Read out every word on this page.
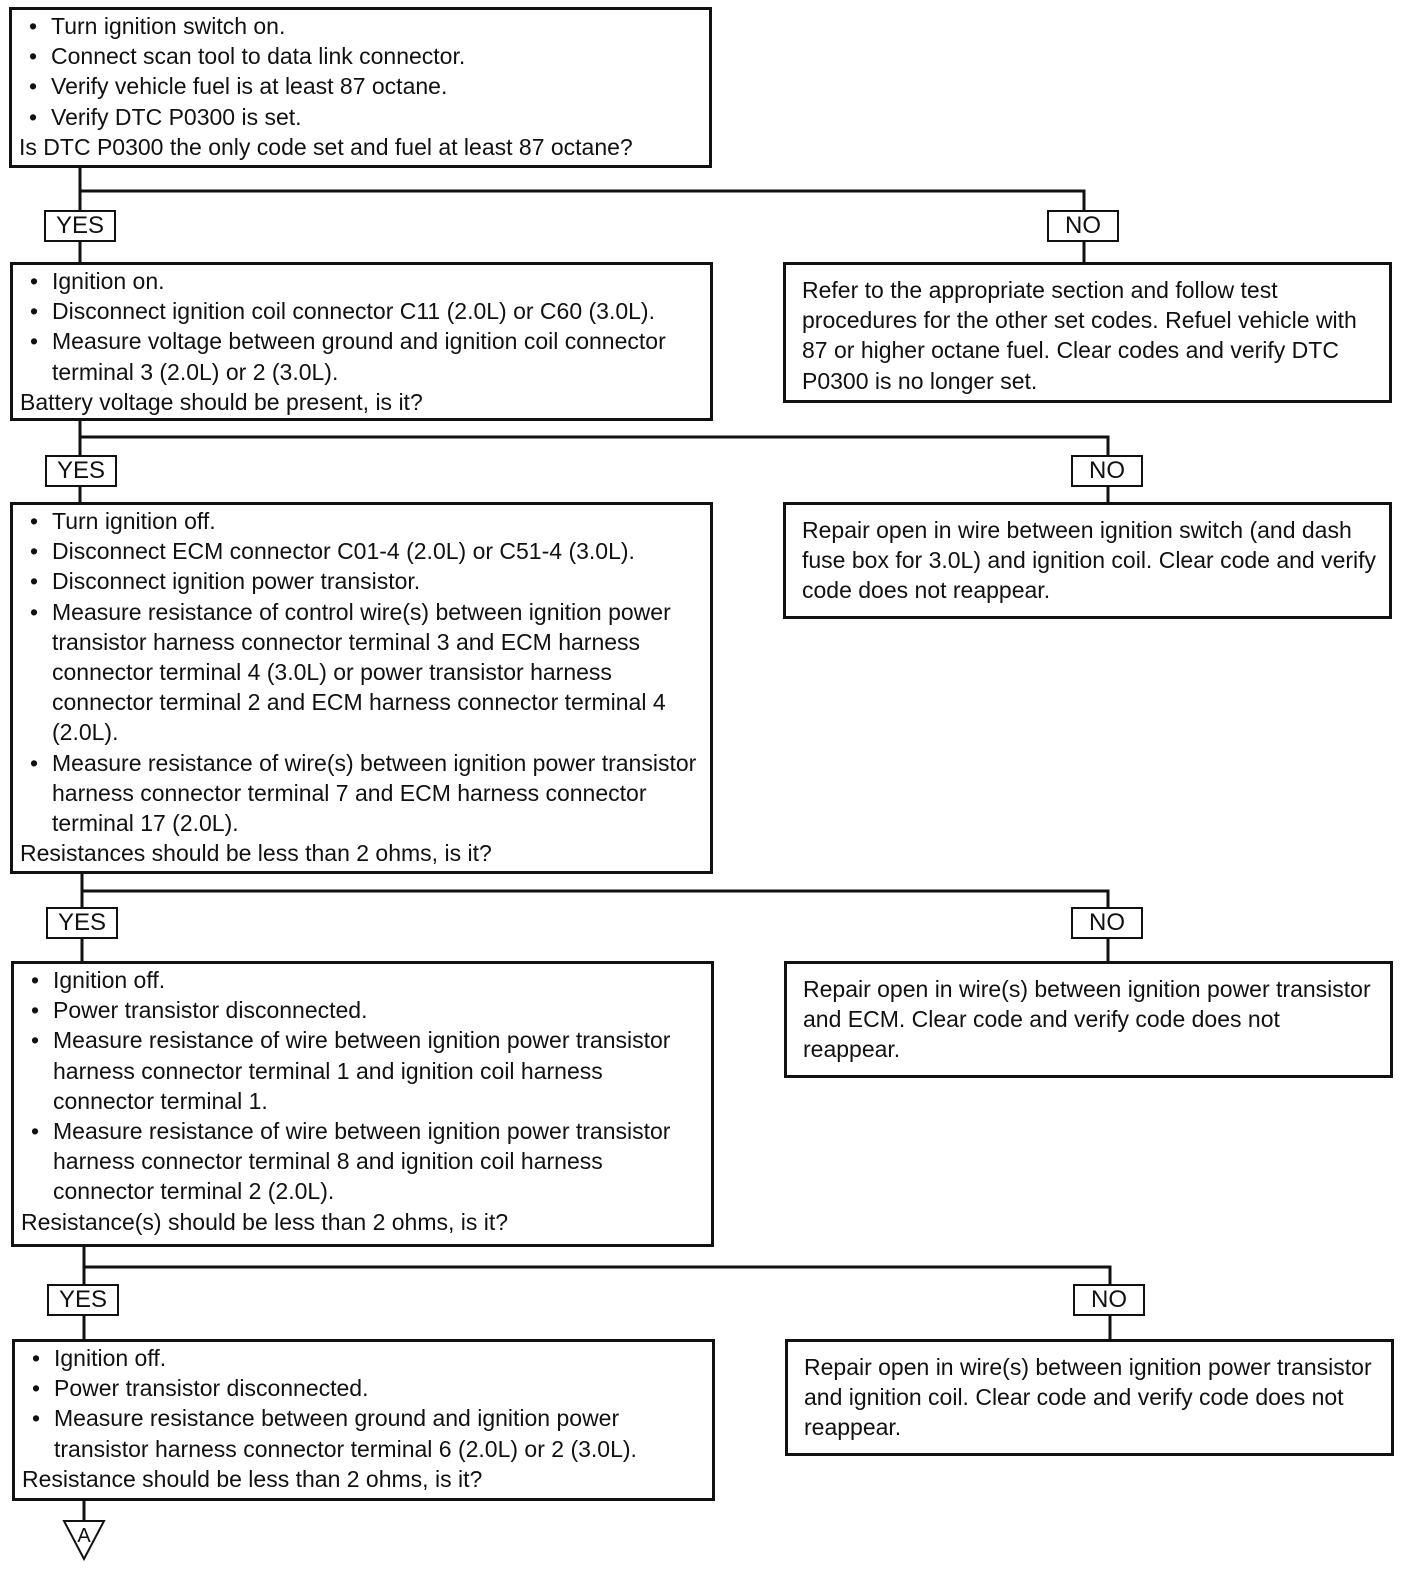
A
• Turn ignition switch on.
• Connect scan tool to data link connector.
• Verify vehicle fuel is at least 87 octane.
• Verify DTC P0300 is set.
Is DTC P0300 the only code set and fuel at least 87 octane?
YES	NO
• Ignition on.
• Disconnect ignition coil connector C11 (2.0L) or C60 (3.0L).
• Measure voltage between ground and ignition coil connector terminal 3 (2.0L) or 2 (3.0L).
Battery voltage should be present, is it?
Refer to the appropriate section and follow test procedures for the other set codes. Refuel vehicle with 87 or higher octane fuel. Clear codes and verify DTC P0300 is no longer set.
YES	NO
• Turn ignition off.
• Disconnect ECM connector C01-4 (2.0L) or C51-4 (3.0L).
• Disconnect ignition power transistor.
• Measure resistance of control wire(s) between ignition power transistor harness connector terminal 3 and ECM harness connector terminal 4 (3.0L) or power transistor harness connector terminal 2 and ECM harness connector terminal 4 (2.0L).
• Measure resistance of wire(s) between ignition power transistor harness connector terminal 7 and ECM harness connector terminal 17 (2.0L).
Resistances should be less than 2 ohms, is it?
Repair open in wire between ignition switch (and dash fuse box for 3.0L) and ignition coil. Clear code and verify code does not reappear.
YES	NO
• Ignition off.
• Power transistor disconnected.
• Measure resistance of wire between ignition power transistor harness connector terminal 1 and ignition coil harness connector terminal 1.
• Measure resistance of wire between ignition power transistor harness connector terminal 8 and ignition coil harness connector terminal 2 (2.0L).
Resistance(s) should be less than 2 ohms, is it?
Repair open in wire(s) between ignition power transistor and ECM. Clear code and verify code does not reappear.
YES	NO
• Ignition off.
• Power transistor disconnected.
• Measure resistance between ground and ignition power transistor harness connector terminal 6 (2.0L) or 2 (3.0L).
Resistance should be less than 2 ohms, is it?
Repair open in wire(s) between ignition power transistor and ignition coil. Clear code and verify code does not reappear.
